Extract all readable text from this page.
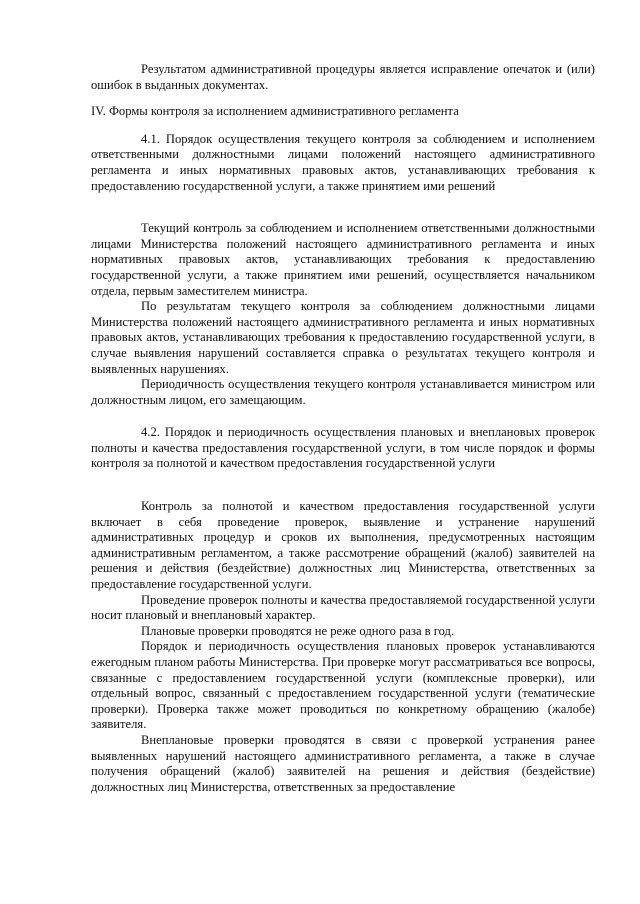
Результатом административной процедуры является исправление опечаток и (или) ошибок в выданных документах.

IV. Формы контроля за исполнением административного регламента

4.1. Порядок осуществления текущего контроля за соблюдением и исполнением ответственными должностными лицами положений настоящего административного регламента и иных нормативных правовых актов, устанавливающих требования к предоставлению государственной услуги, а также принятием ими решений

Текущий контроль за соблюдением и исполнением ответственными должностными лицами Министерства положений настоящего административного регламента и иных нормативных правовых актов, устанавливающих требования к предоставлению государственной услуги, а также принятием ими решений, осуществляется начальником отдела, первым заместителем министра.

По результатам текущего контроля за соблюдением должностными лицами Министерства положений настоящего административного регламента и иных нормативных правовых актов, устанавливающих требования к предоставлению государственной услуги, в случае выявления нарушений составляется справка о результатах текущего контроля и выявленных нарушениях.

Периодичность осуществления текущего контроля устанавливается министром или должностным лицом, его замещающим.

4.2. Порядок и периодичность осуществления плановых и внеплановых проверок полноты и качества предоставления государственной услуги, в том числе порядок и формы контроля за полнотой и качеством предоставления государственной услуги

Контроль за полнотой и качеством предоставления государственной услуги включает в себя проведение проверок, выявление и устранение нарушений административных процедур и сроков их выполнения, предусмотренных настоящим административным регламентом, а также рассмотрение обращений (жалоб) заявителей на решения и действия (бездействие) должностных лиц Министерства, ответственных за предоставление государственной услуги.

Проведение проверок полноты и качества предоставляемой государственной услуги носит плановый и внеплановый характер.

Плановые проверки проводятся не реже одного раза в год.

Порядок и периодичность осуществления плановых проверок устанавливаются ежегодным планом работы Министерства. При проверке могут рассматриваться все вопросы, связанные с предоставлением государственной услуги (комплексные проверки), или отдельный вопрос, связанный с предоставлением государственной услуги (тематические проверки). Проверка также может проводиться по конкретному обращению (жалобе) заявителя.

Внеплановые проверки проводятся в связи с проверкой устранения ранее выявленных нарушений настоящего административного регламента, а также в случае получения обращений (жалоб) заявителей на решения и действия (бездействие) должностных лиц Министерства, ответственных за предоставление
